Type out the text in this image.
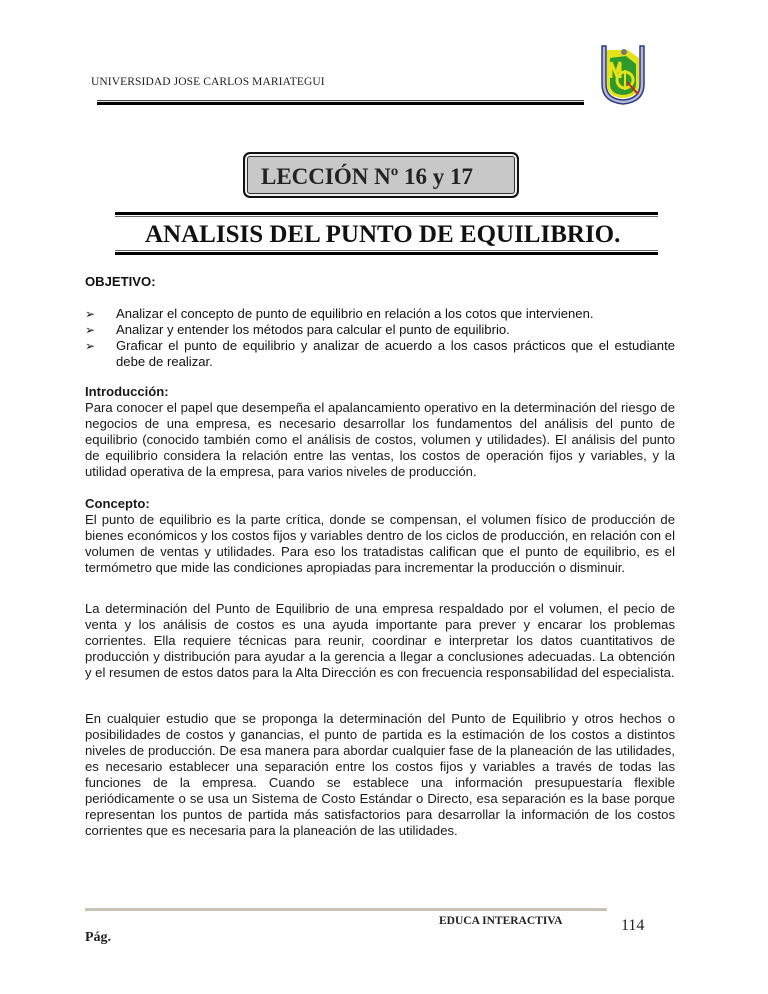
UNIVERSIDAD JOSE CARLOS MARIATEGUI
LECCIÓN Nº 16 y 17
ANALISIS DEL PUNTO DE EQUILIBRIO.
OBJETIVO:
➢ Analizar el concepto de punto de equilibrio en relación a los cotos que intervienen.
➢ Analizar y entender los métodos para calcular el punto de equilibrio.
➢ Graficar el punto de equilibrio y analizar de acuerdo a los casos prácticos que el estudiante debe de realizar.
Introducción:
Para conocer el papel que desempeña el apalancamiento operativo en la determinación del riesgo de negocios de una empresa, es necesario desarrollar los fundamentos del análisis del punto de equilibrio (conocido también como el análisis de costos, volumen y utilidades). El análisis del punto de equilibrio considera la relación entre las ventas, los costos de operación fijos y variables, y la utilidad operativa de la empresa, para varios niveles de producción.
Concepto:
El punto de equilibrio es la parte crítica, donde se compensan, el volumen físico de producción de bienes económicos y los costos fijos y variables dentro de los ciclos de producción, en relación con el volumen de ventas y utilidades. Para eso los tratadistas califican que el punto de equilibrio, es el termómetro que mide las condiciones apropiadas para incrementar la producción o disminuir.
La determinación del Punto de Equilibrio de una empresa respaldado por el volumen, el pecio de venta y los análisis de costos es una ayuda importante para prever y encarar los problemas corrientes. Ella requiere técnicas para reunir, coordinar e interpretar los datos cuantitativos de producción y distribución para ayudar a la gerencia a llegar a conclusiones adecuadas. La obtención y el resumen de estos datos para la Alta Dirección es con frecuencia responsabilidad del especialista.
En cualquier estudio que se proponga la determinación del Punto de Equilibrio y otros hechos o posibilidades de costos y ganancias, el punto de partida es la estimación de los costos a distintos niveles de producción. De esa manera para abordar cualquier fase de la planeación de las utilidades, es necesario establecer una separación entre los costos fijos y variables a través de todas las funciones de la empresa. Cuando se establece una información presupuestaría flexible periódicamente o se usa un Sistema de Costo Estándar o Directo, esa separación es la base porque representan los puntos de partida más satisfactorios para desarrollar la información de los costos corrientes que es necesaria para la planeación de las utilidades.
EDUCA INTERACTIVA	114
Pág.
